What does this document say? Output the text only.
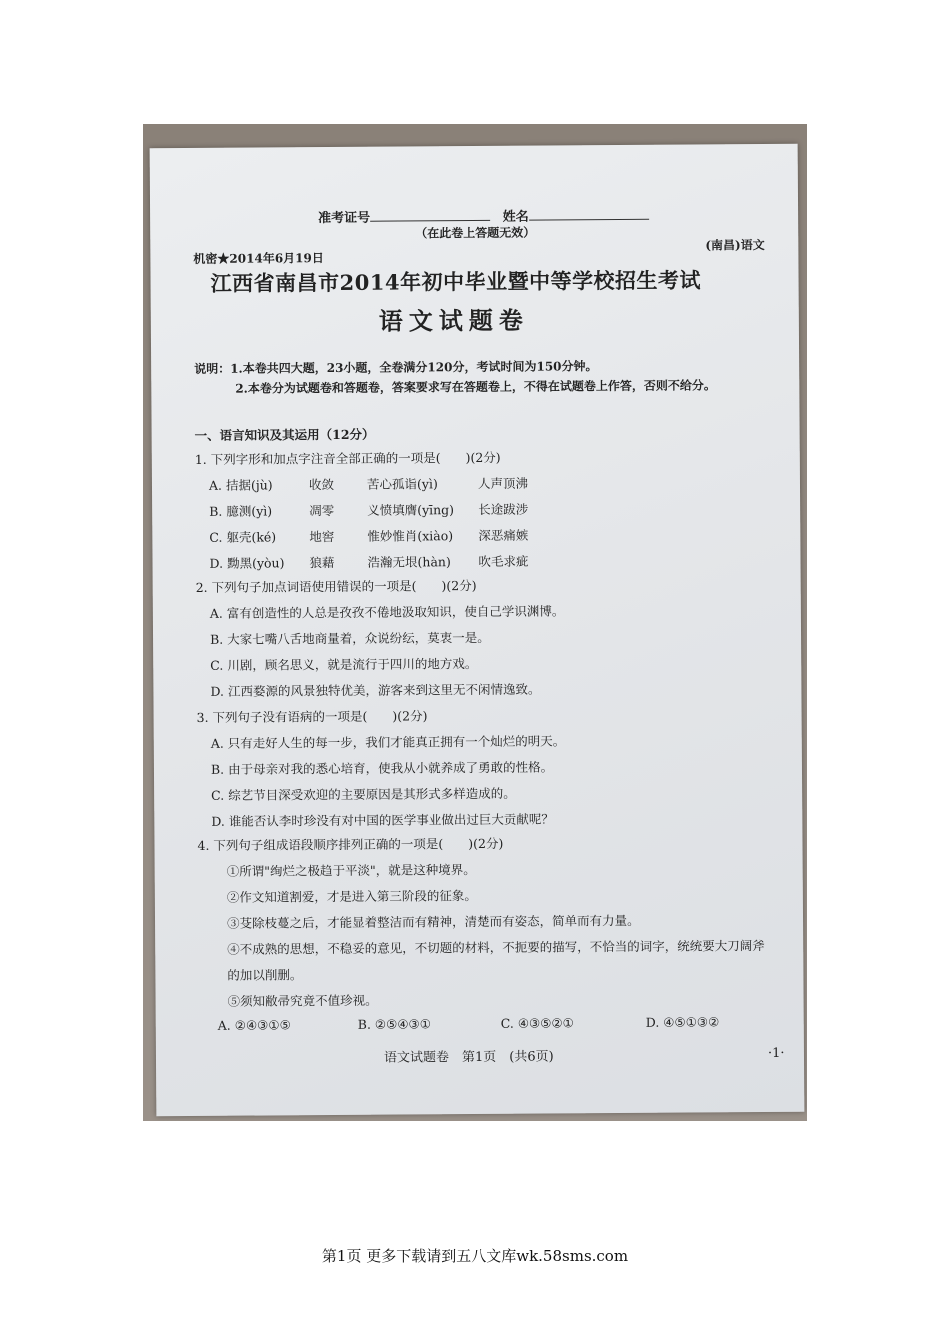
准考证号	姓名
（在此卷上答题无效）
机密★2014年6月19日
(南昌)语文
江西省南昌市2014年初中毕业暨中等学校招生考试
语文试题卷
说明：1.本卷共四大题，23小题，全卷满分120分，考试时间为150分钟。
2.本卷分为试题卷和答题卷，答案要求写在答题卷上，不得在试题卷上作答，否则不给分。
一、语言知识及其运用（12分）
1. 下列字形和加点字注音全部正确的一项是(　　)(2分)
A. 拮据(jù)	收敛	苦心孤诣(yì)	人声顶沸
B. 臆测(yì)	凋零	义愤填膺(yīng) 长途跋涉
C. 躯壳(ké)	地窖	惟妙惟肖(xiào) 深恶痛嫉
D. 黝黑(yòu) 狼藉	浩瀚无垠(hàn) 吹毛求疵
2. 下列句子加点词语使用错误的一项是(　　)(2分)
A. 富有创造性的人总是孜孜不倦地汲取知识，使自己学识渊博。
B. 大家七嘴八舌地商量着，众说纷纭，莫衷一是。
C. 川剧，顾名思义，就是流行于四川的地方戏。
D. 江西婺源的风景独特优美，游客来到这里无不闲情逸致。
3. 下列句子没有语病的一项是(　　)(2分)
A. 只有走好人生的每一步，我们才能真正拥有一个灿烂的明天。
B. 由于母亲对我的悉心培育，使我从小就养成了勇敢的性格。
C. 综艺节目深受欢迎的主要原因是其形式多样造成的。
D. 谁能否认李时珍没有对中国的医学事业做出过巨大贡献呢？
4. 下列句子组成语段顺序排列正确的一项是(　　)(2分)
①所谓"绚烂之极趋于平淡"，就是这种境界。
②作文知道割爱，才是进入第三阶段的征象。
③芟除枝蔓之后，才能显着整洁而有精神，清楚而有姿态，简单而有力量。
④不成熟的思想，不稳妥的意见，不切题的材料，不扼要的描写，不恰当的词字，统统要大刀阔斧
的加以削删。
⑤须知敝帚究竟不值珍视。
A. ②④③①⑤	B. ②⑤④③①	C. ④③⑤②①	D. ④⑤①③②
语文试题卷　第1页　(共6页)	·1·
第1页 更多下载请到五八文库wk.58sms.com
